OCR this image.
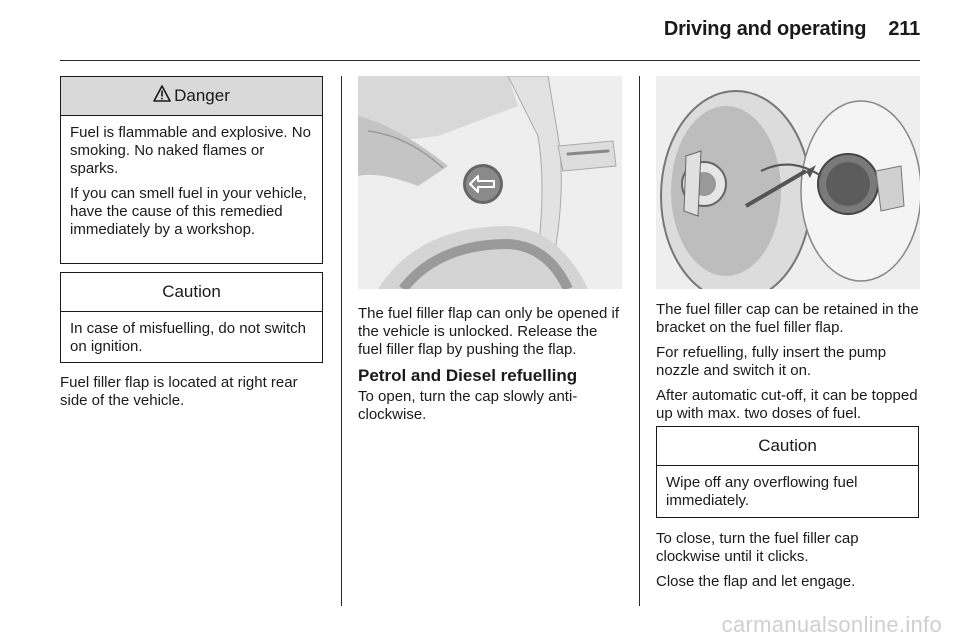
Driving and operating 211
Danger

Fuel is flammable and explosive. No smoking. No naked flames or sparks.

If you can smell fuel in your vehicle, have the cause of this remedied immediately by a workshop.

Caution

In case of misfuelling, do not switch on ignition.

Fuel filler flap is located at right rear side of the vehicle.

The fuel filler flap can only be opened if the vehicle is unlocked. Release the fuel filler flap by pushing the flap.

Petrol and Diesel refuelling

To open, turn the cap slowly anti-clockwise.

The fuel filler cap can be retained in the bracket on the fuel filler flap.

For refuelling, fully insert the pump nozzle and switch it on.

After automatic cut-off, it can be topped up with max. two doses of fuel.

Caution

Wipe off any overflowing fuel immediately.

To close, turn the fuel filler cap clockwise until it clicks.

Close the flap and let engage.

carmanualsonline.info
